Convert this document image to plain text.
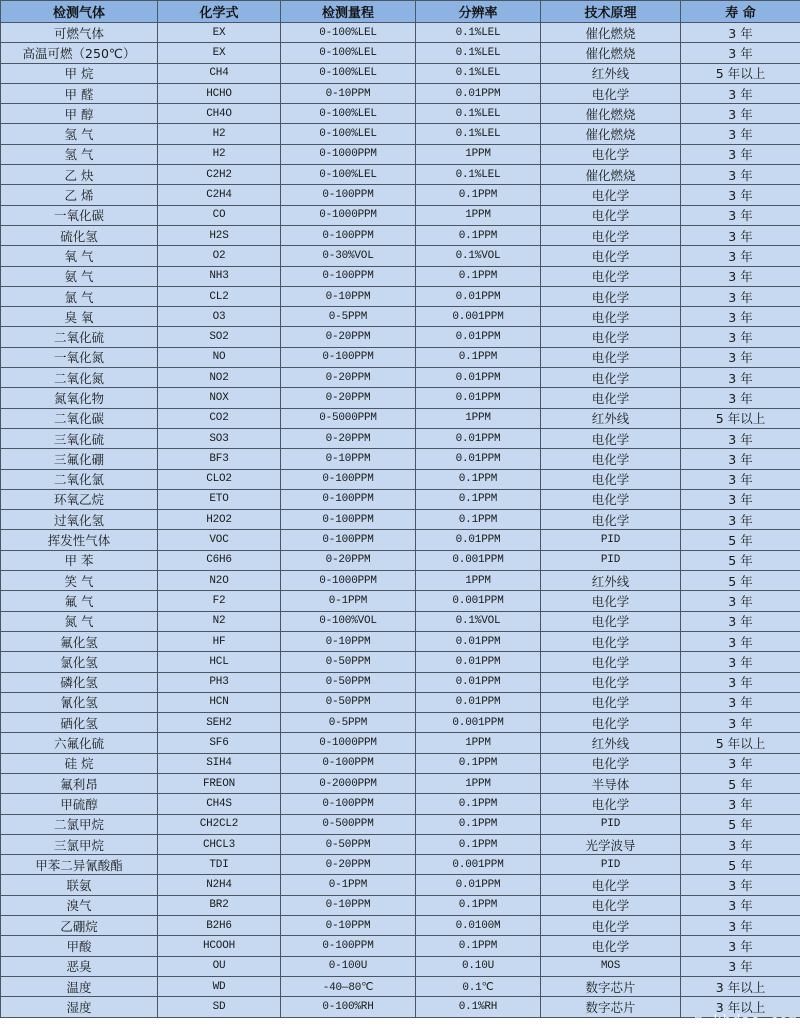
检测气体	化学式	检测量程	分辨率	技术原理	寿 命
可燃气体	EX	0-100%LEL	0.1%LEL	催化燃烧	3 年
高温可燃（250℃）	EX	0-100%LEL	0.1%LEL	催化燃烧	3 年
甲 烷	CH4	0-100%LEL	0.1%LEL	红外线	5 年以上
甲 醛	HCHO	0-10PPM	0.01PPM	电化学	3 年
甲 醇	CH4O	0-100%LEL	0.1%LEL	催化燃烧	3 年
氢 气	H2	0-100%LEL	0.1%LEL	催化燃烧	3 年
氢 气	H2	0-1000PPM	1PPM	电化学	3 年
乙 炔	C2H2	0-100%LEL	0.1%LEL	催化燃烧	3 年
乙 烯	C2H4	0-100PPM	0.1PPM	电化学	3 年
一氧化碳	CO	0-1000PPM	1PPM	电化学	3 年
硫化氢	H2S	0-100PPM	0.1PPM	电化学	3 年
氧 气	O2	0-30%VOL	0.1%VOL	电化学	3 年
氨 气	NH3	0-100PPM	0.1PPM	电化学	3 年
氯 气	CL2	0-10PPM	0.01PPM	电化学	3 年
臭 氧	O3	0-5PPM	0.001PPM	电化学	3 年
二氧化硫	SO2	0-20PPM	0.01PPM	电化学	3 年
一氧化氮	NO	0-100PPM	0.1PPM	电化学	3 年
二氧化氮	NO2	0-20PPM	0.01PPM	电化学	3 年
氮氧化物	NOX	0-20PPM	0.01PPM	电化学	3 年
二氧化碳	CO2	0-5000PPM	1PPM	红外线	5 年以上
三氧化硫	SO3	0-20PPM	0.01PPM	电化学	3 年
三氟化硼	BF3	0-10PPM	0.01PPM	电化学	3 年
二氧化氯	CLO2	0-100PPM	0.1PPM	电化学	3 年
环氧乙烷	ETO	0-100PPM	0.1PPM	电化学	3 年
过氧化氢	H2O2	0-100PPM	0.1PPM	电化学	3 年
挥发性气体	VOC	0-100PPM	0.01PPM	PID	5 年
甲 苯	C6H6	0-20PPM	0.001PPM	PID	5 年
笑 气	N2O	0-1000PPM	1PPM	红外线	5 年
氟 气	F2	0-1PPM	0.001PPM	电化学	3 年
氮 气	N2	0-100%VOL	0.1%VOL	电化学	3 年
氟化氢	HF	0-10PPM	0.01PPM	电化学	3 年
氯化氢	HCL	0-50PPM	0.01PPM	电化学	3 年
磷化氢	PH3	0-50PPM	0.01PPM	电化学	3 年
氰化氢	HCN	0-50PPM	0.01PPM	电化学	3 年
硒化氢	SEH2	0-5PPM	0.001PPM	电化学	3 年
六氟化硫	SF6	0-1000PPM	1PPM	红外线	5 年以上
硅 烷	SIH4	0-100PPM	0.1PPM	电化学	3 年
氟利昂	FREON	0-2000PPM	1PPM	半导体	5 年
甲硫醇	CH4S	0-100PPM	0.1PPM	电化学	3 年
二氯甲烷	CH2CL2	0-500PPM	0.1PPM	PID	5 年
三氯甲烷	CHCL3	0-50PPM	0.1PPM	光学波导	3 年
甲苯二异氰酸酯	TDI	0-20PPM	0.001PPM	PID	5 年
联氨	N2H4	0-1PPM	0.01PPM	电化学	3 年
溴气	BR2	0-10PPM	0.1PPM	电化学	3 年
乙硼烷	B2H6	0-10PPM	0.0100M	电化学	3 年
甲酸	HCOOH	0-100PPM	0.1PPM	电化学	3 年
恶臭	OU	0-100U	0.10U	MOS	3 年
温度	WD	-40—80℃	0.1℃	数字芯片	3 年以上
湿度	SD	0-100%RH	0.1%RH	数字芯片	3 年以上
m.kbdas.com
